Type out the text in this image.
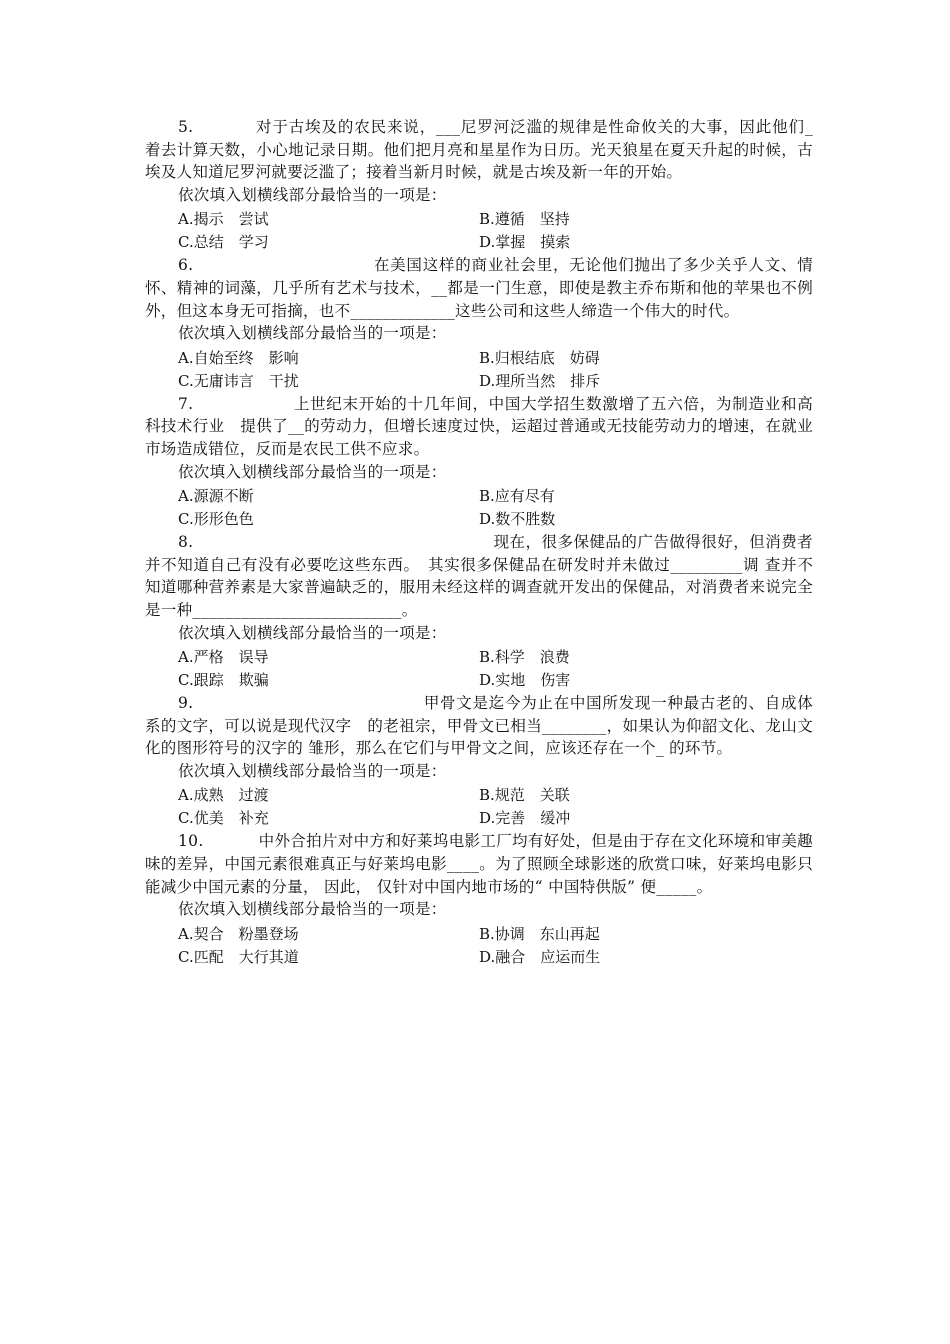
5.	对于古埃及的农民来说，___尼罗河泛滥的规律是性命攸关的大事，因此他们_ 着去计算天数，小心地记录日期。他们把月亮和星星作为日历。光天狼星在夏天升起的时候，古埃及人知道尼罗河就要泛滥了；接着当新月时候，就是古埃及新一年的开始。

依次填入划横线部分最恰当的一项是：

A.揭示　尝试	B.遵循　坚持
C.总结　学习	D.掌握　摸索

6.	在美国这样的商业社会里，无论他们抛出了多少关乎人文、情怀、精神的词藻，几乎所有艺术与技术，__都是一门生意，即使是教主乔布斯和他的苹果也不例外，但这本身无可指摘，也不_____________这些公司和这些人缔造一个伟大的时代。

依次填入划横线部分最恰当的一项是：

A.自始至终　影响	B.归根结底　妨碍
C.无庸讳言　干扰	D.理所当然　排斥

7.	上世纪末开始的十几年间，中国大学招生数激增了五六倍，为制造业和高科技术行业　提供了__的劳动力，但增长速度过快，运超过普通或无技能劳动力的增速，在就业市场造成错位，反而是农民工供不应求。

依次填入划横线部分最恰当的一项是：

A.源源不断	B.应有尽有
C.形形色色	D.数不胜数

8.	现在，很多保健品的广告做得很好，但消费者并不知道自己有没有必要吃这些东西。　其实很多保健品在研发时并未做过_________调 查并不知道哪种营养素是大家普遍缺乏的，服用未经这样的调查就开发出的保健品，对消费者来说完全是一种__________________________。

依次填入划横线部分最恰当的一项是：

A.严格　误导	B.科学　浪费
C.跟踪　欺骗	D.实地　伤害

9.	甲骨文是迄今为止在中国所发现一种最古老的、自成体系的文字，可以说是现代汉字　的老祖宗，甲骨文已相当________，如果认为仰韶文化、龙山文化的图形符号的汉字的 雏形，那么在它们与甲骨文之间，应该还存在一个_ 的环节。

依次填入划横线部分最恰当的一项是：

A.成熟　过渡	B.规范　关联
C.优美　补充	D.完善　缓冲

10.	中外合拍片对中方和好莱坞电影工厂均有好处，但是由于存在文化环境和审美趣味的差异，中国元素很难真正与好莱坞电影____。为了照顾全球影迷的欣赏口味，好莱坞电影只能减少中国元素的分量， 因此， 仅针对中国内地市场的“ 中国特供版” 便_____。

依次填入划横线部分最恰当的一项是：

A.契合　粉墨登场	B.协调　东山再起
C.匹配　大行其道	D.融合　应运而生
